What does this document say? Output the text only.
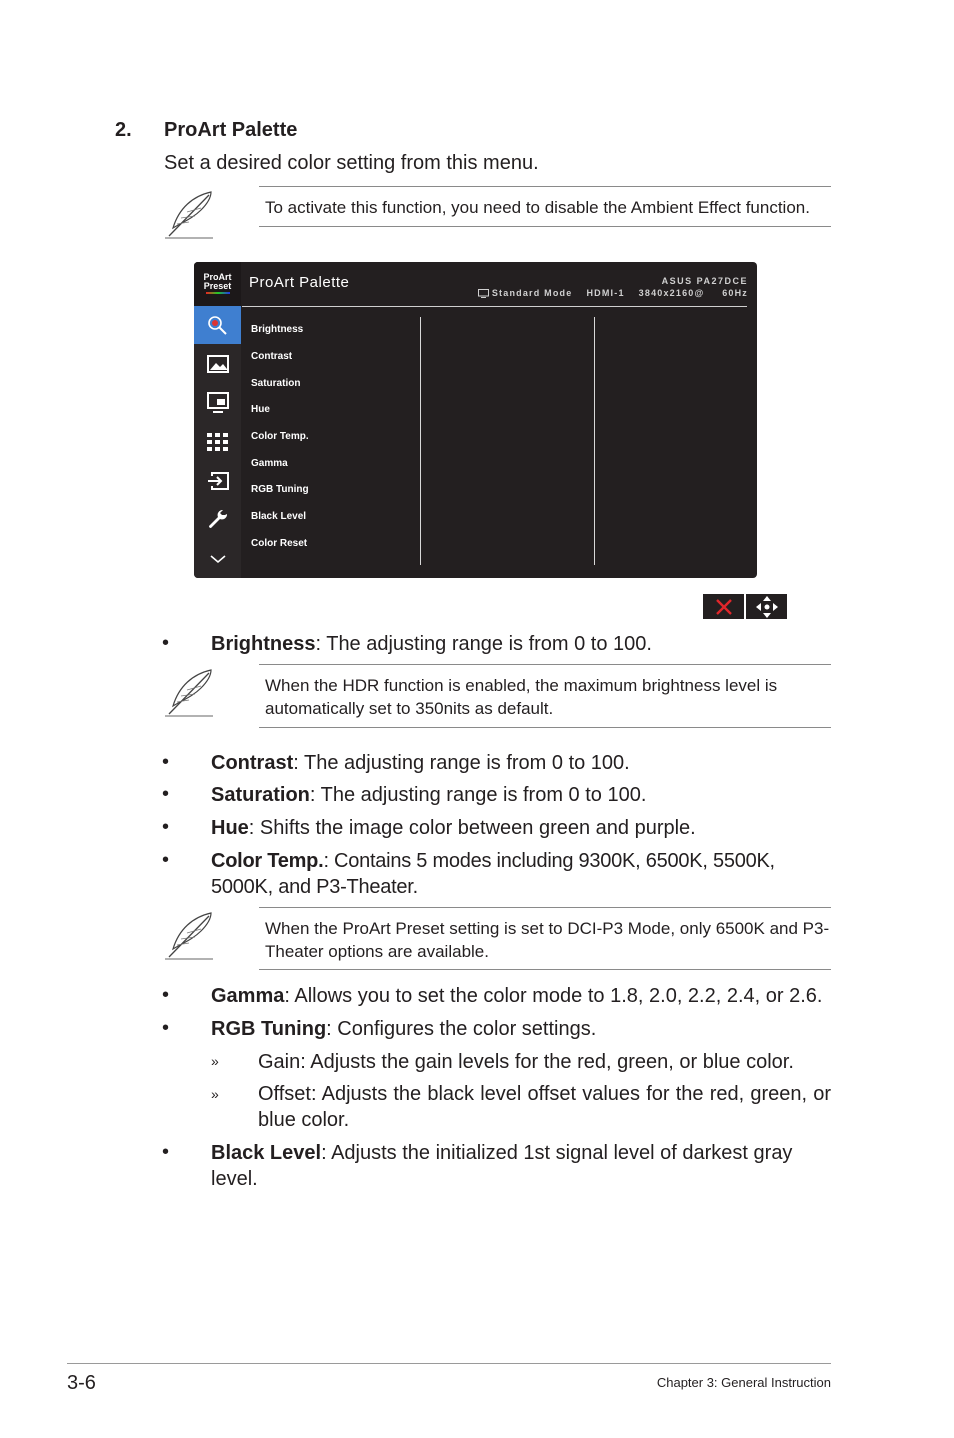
2. ProArt Palette
Set a desired color setting from this menu.
To activate this function, you need to disable the Ambient Effect function.
ProArt
Preset	ProArt Palette	ASUS PA27DCE
Standard Mode HDMI-1 3840x2160@ 60Hz
Brightness
Contrast
Saturation
Hue
Color Temp.
Gamma
RGB Tuning
Black Level
Color Reset
• Brightness: The adjusting range is from 0 to 100.
When the HDR function is enabled, the maximum brightness level is automatically set to 350nits as default.
• Contrast: The adjusting range is from 0 to 100.
• Saturation: The adjusting range is from 0 to 100.
• Hue: Shifts the image color between green and purple.
• Color Temp.: Contains 5 modes including 9300K, 6500K, 5500K, 5000K, and P3-Theater.
When the ProArt Preset setting is set to DCI-P3 Mode, only 6500K and P3-Theater options are available.
• Gamma: Allows you to set the color mode to 1.8, 2.0, 2.2, 2.4, or 2.6.
• RGB Tuning: Configures the color settings.
» Gain: Adjusts the gain levels for the red, green, or blue color.
» Offset: Adjusts the black level offset values for the red, green, or blue color.
• Black Level: Adjusts the initialized 1st signal level of darkest gray level.
3-6	Chapter 3: General Instruction
